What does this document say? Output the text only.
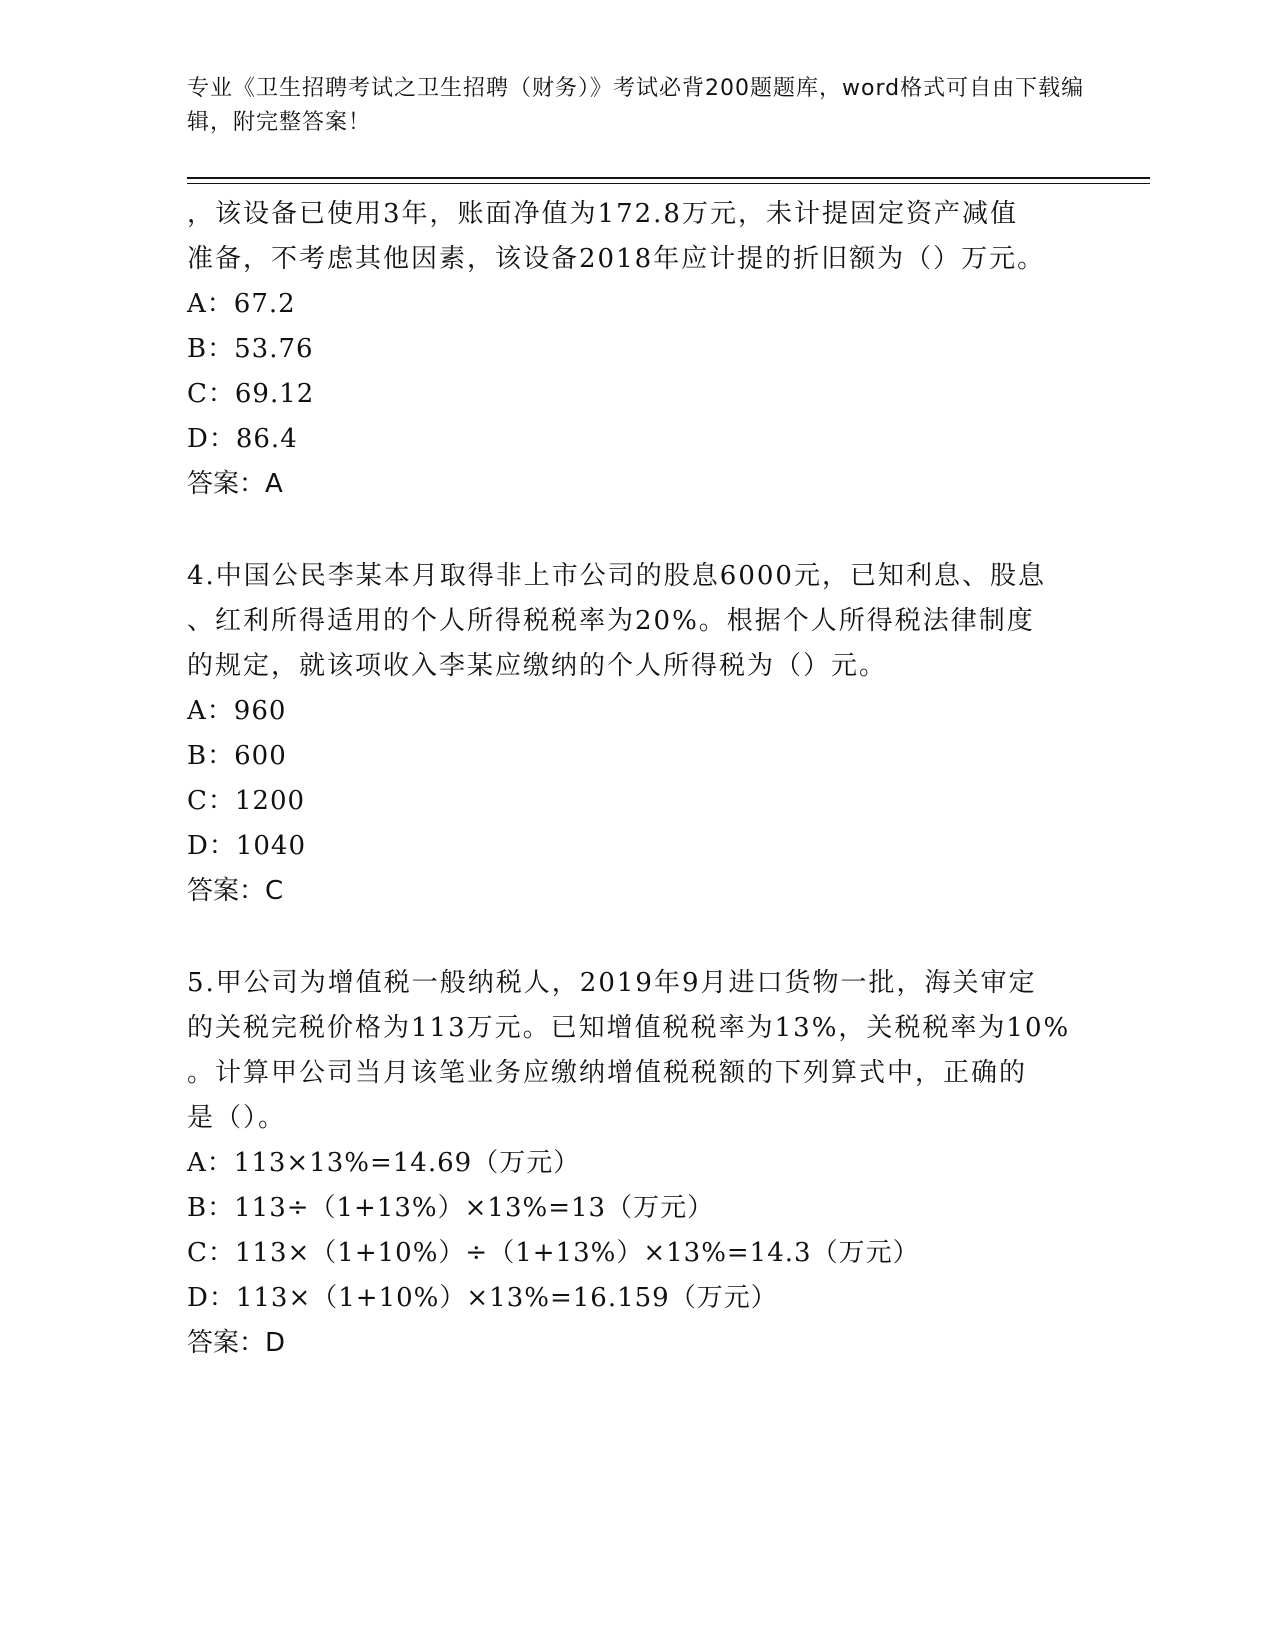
专业《卫生招聘考试之卫生招聘（财务）》考试必背200题题库，word格式可自由下载编辑，附完整答案！
，该设备已使用3年，账面净值为172.8万元，未计提固定资产减值
准备，不考虑其他因素，该设备2018年应计提的折旧额为（）万元。
A：67.2
B：53.76
C：69.12
D：86.4
答案：A
4.中国公民李某本月取得非上市公司的股息6000元，已知利息、股息
、红利所得适用的个人所得税税率为20%。根据个人所得税法律制度
的规定，就该项收入李某应缴纳的个人所得税为（）元。
A：960
B：600
C：1200
D：1040
答案：C
5.甲公司为增值税一般纳税人，2019年9月进口货物一批，海关审定
的关税完税价格为113万元。已知增值税税率为13%，关税税率为10%
。计算甲公司当月该笔业务应缴纳增值税税额的下列算式中，正确的
是（）。
A：113×13%=14.69（万元）
B：113÷（1+13%）×13%=13（万元）
C：113×（1+10%）÷（1+13%）×13%=14.3（万元）
D：113×（1+10%）×13%=16.159（万元）
答案：D
